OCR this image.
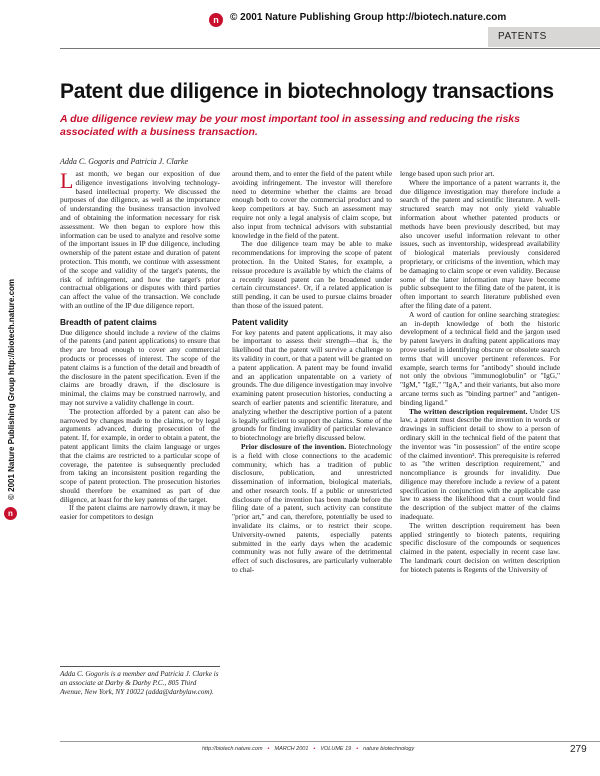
n	© 2001 Nature Publishing Group http://biotech.nature.com
PATENTS
© 2001 Nature Publishing Group http://biotech.nature.com
n
Patent due diligence in biotechnology transactions
A due diligence review may be your most important tool in assessing and reducing the risks associated with a business transaction.
Adda C. Gogoris and Patricia J. Clarke

Last month, we began our exposition of due diligence investigations involving technology-based intellectual property. We discussed the purposes of due diligence, as well as the importance of understanding the business transaction involved and of obtaining the information necessary for risk assessment. We then began to explore how this information can be used to analyze and resolve some of the important issues in IP due diligence, including ownership of the patent estate and duration of patent protection. This month, we continue with assessment of the scope and validity of the target's patents, the risk of infringement, and how the target's prior contractual obligations or disputes with third parties can affect the value of the transaction. We conclude with an outline of the IP due diligence report.

Breadth of patent claims

Due diligence should include a review of the claims of the patents (and patent applications) to ensure that they are broad enough to cover any commercial products or processes of interest. The scope of the patent claims is a function of the detail and breadth of the disclosure in the patent specification. Even if the claims are broadly drawn, if the disclosure is minimal, the claims may be construed narrowly, and may not survive a validity challenge in court.

The protection afforded by a patent can also be narrowed by changes made to the claims, or by legal arguments advanced, during prosecution of the patent. If, for example, in order to obtain a patent, the patent applicant limits the claim language or urges that the claims are restricted to a particular scope of coverage, the patentee is subsequently precluded from taking an inconsistent position regarding the scope of patent protection. The prosecution histories should therefore be examined as part of due diligence, at least for the key patents of the target.

If the patent claims are narrowly drawn, it may be easier for competitors to design

around them, and to enter the field of the patent while avoiding infringement. The investor will therefore need to determine whether the claims are broad enough both to cover the commercial product and to keep competitors at bay. Such an assessment may require not only a legal analysis of claim scope, but also input from technical advisors with substantial knowledge in the field of the patent.

The due diligence team may be able to make recommendations for improving the scope of patent protection. In the United States, for example, a reissue procedure is available by which the claims of a recently issued patent can be broadened under certain circumstances¹. Or, if a related application is still pending, it can be used to pursue claims broader than those of the issued patent.

Patent validity

For key patents and patent applications, it may also be important to assess their strength—that is, the likelihood that the patent will survive a challenge to its validity in court, or that a patent will be granted on a patent application. A patent may be found invalid and an application unpatentable on a variety of grounds. The due diligence investigation may involve examining patent prosecution histories, conducting a search of earlier patents and scientific literature, and analyzing whether the descriptive portion of a patent is legally sufficient to support the claims. Some of the grounds for finding invalidity of particular relevance to biotechnology are briefly discussed below.

Prior disclosure of the invention. Biotechnology is a field with close connections to the academic community, which has a tradition of public disclosure, publication, and unrestricted dissemination of information, biological materials, and other research tools. If a public or unrestricted disclosure of the invention has been made before the filing date of a patent, such activity can constitute "prior art," and can, therefore, potentially be used to invalidate its claims, or to restrict their scope. University-owned patents, especially patents submitted in the early days when the academic community was not fully aware of the detrimental effect of such disclosures, are particularly vulnerable to chal-

lenge based upon such prior art.

Where the importance of a patent warrants it, the due diligence investigation may therefore include a search of the patent and scientific literature. A well-structured search may not only yield valuable information about whether patented products or methods have been previously described, but may also uncover useful information relevant to other issues, such as inventorship, widespread availability of biological materials previously considered proprietary, or criticisms of the invention, which may be damaging to claim scope or even validity. Because some of the latter information may have become public subsequent to the filing date of the patent, it is often important to search literature published even after the filing date of a patent.

A word of caution for online searching strategies: an in-depth knowledge of both the historic development of a technical field and the jargon used by patent lawyers in drafting patent applications may prove useful in identifying obscure or obsolete search terms that will uncover pertinent references. For example, search terms for "antibody" should include not only the obvious "immunoglobulin" or "IgG," "IgM," "IgE," "IgA," and their variants, but also more arcane terms such as "binding partner" and "antigen-binding ligand."

The written description requirement. Under US law, a patent must describe the invention in words or drawings in sufficient detail to show to a person of ordinary skill in the technical field of the patent that the inventor was "in possession" of the entire scope of the claimed invention². This prerequisite is referred to as "the written description requirement," and noncompliance is grounds for invalidity. Due diligence may therefore include a review of a patent specification in conjunction with the applicable case law to assess the likelihood that a court would find the description of the subject matter of the claims inadequate.

The written description requirement has been applied stringently to biotech patents, requiring specific disclosure of the compounds or sequences claimed in the patent, especially in recent case law. The landmark court decision on written description for biotech patents is Regents of the University of

Adda C. Gogoris is a member and Patricia J. Clarke is an associate at Darby & Darby P.C., 805 Third Avenue, New York, NY 10022 (adda@darbylaw.com).
http://biotech.nature.com • MARCH 2001 • VOLUME 19 • nature biotechnology	279
